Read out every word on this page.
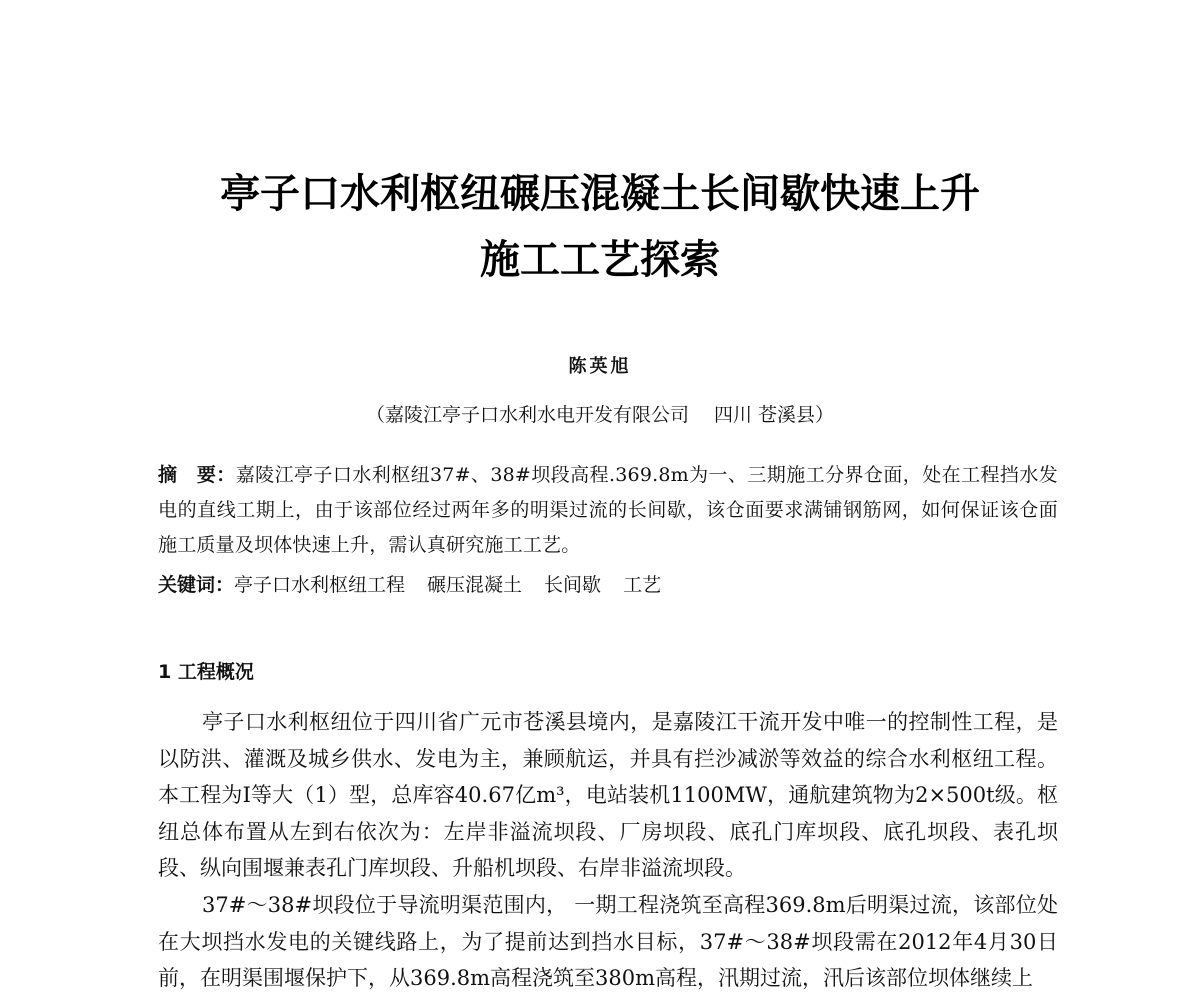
亭子口水利枢纽碾压混凝土长间歇快速上升
施工工艺探索
陈英旭
（嘉陵江亭子口水利水电开发有限公司　 四川 苍溪县）
摘　要：嘉陵江亭子口水利枢纽37#、38#坝段高程.369.8m为一、三期施工分界仓面，处在工程挡水发电的直线工期上，由于该部位经过两年多的明渠过流的长间歇，该仓面要求满铺钢筋网，如何保证该仓面施工质量及坝体快速上升，需认真研究施工工艺。
关键词：亭子口水利枢纽工程 碾压混凝土 长间歇 工艺
1 工程概况
亭子口水利枢纽位于四川省广元市苍溪县境内，是嘉陵江干流开发中唯一的控制性工程，是以防洪、灌溉及城乡供水、发电为主，兼顾航运，并具有拦沙减淤等效益的综合水利枢纽工程。本工程为Ⅰ等大（1）型，总库容40.67亿m³，电站装机1100MW，通航建筑物为2×500t级。枢纽总体布置从左到右依次为：左岸非溢流坝段、厂房坝段、底孔门库坝段、底孔坝段、表孔坝段、纵向围堰兼表孔门库坝段、升船机坝段、右岸非溢流坝段。
37#～38#坝段位于导流明渠范围内， 一期工程浇筑至高程369.8m后明渠过流，该部位处在大坝挡水发电的关键线路上，为了提前达到挡水目标，37#～38#坝段需在2012年4月30日前，在明渠围堰保护下，从369.8m高程浇筑至380m高程，汛期过流，汛后该部位坝体继续上
